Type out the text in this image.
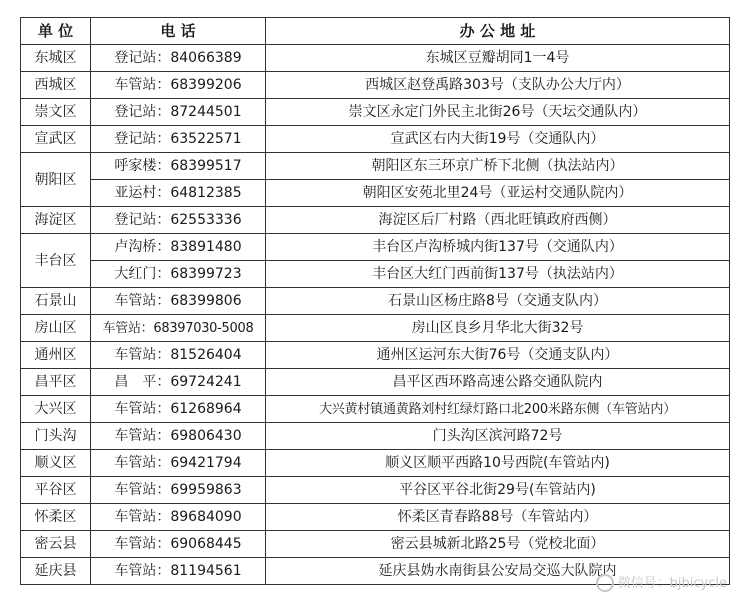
单 位	电 话	办 公 地 址
东城区	登记站：84066389	东城区豆瓣胡同1一4号
西城区	车管站：68399206	西城区赵登禹路303号（支队办公大厅内）
崇文区	登记站：87244501	崇文区永定门外民主北街26号（天坛交通队内）
宣武区	登记站：63522571	宣武区右内大街19号（交通队内）
朝阳区	呼家楼：68399517	朝阳区东三环京广桥下北侧（执法站内）
	亚运村：64812385	朝阳区安苑北里24号（亚运村交通队院内）
海淀区	登记站：62553336	海淀区后厂村路（西北旺镇政府西侧）
丰台区	卢沟桥：83891480	丰台区卢沟桥城内街137号（交通队内）
	大红门：68399723	丰台区大红门西前街137号（执法站内）
石景山	车管站：68399806	石景山区杨庄路8号（交通支队内）
房山区	车管站：68397030-5008	房山区良乡月华北大街32号
通州区	车管站：81526404	通州区运河东大街76号（交通支队内）
昌平区	昌　平：69724241	昌平区西环路高速公路交通队院内
大兴区	车管站：61268964	大兴黄村镇通黄路刘村红绿灯路口北200米路东侧（车管站内）
门头沟	车管站：69806430	门头沟区滨河路72号
顺义区	车管站：69421794	顺义区顺平西路10号西院(车管站内)
平谷区	车管站：69959863	平谷区平谷北街29号(车管站内)
怀柔区	车管站：89684090	怀柔区青春路88号（车管站内）
密云县	车管站：69068445	密云县城新北路25号（党校北面）
延庆县	车管站：81194561	延庆县妫水南街县公安局交巡大队院内
微信号：bjbicycle
